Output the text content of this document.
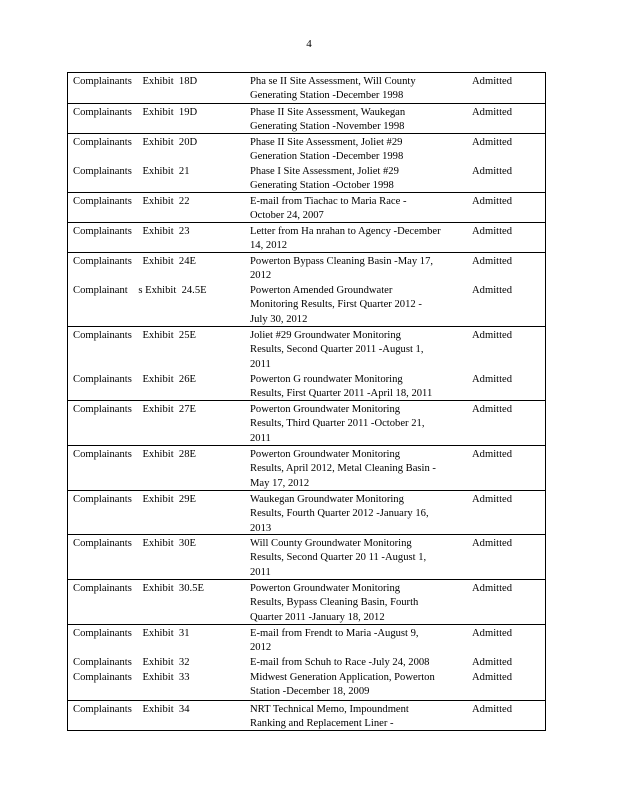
4
Complainants    Exhibit  18D	Pha se II Site Assessment, Will County
Generating Station -December 1998
Admitted
Complainants    Exhibit  19D	Phase II Site Assessment, Waukegan
Generating Station -November 1998
Admitted
Complainants    Exhibit  20D	Phase II Site Assessment, Joliet #29
Generation Station -December 1998
Admitted
Complainants    Exhibit  21	Phase I Site Assessment, Joliet #29
Generating Station -October 1998
Admitted
Complainants    Exhibit  22	E-mail from Tiachac to Maria Race -
October 24, 2007
Admitted
Complainants    Exhibit  23	Letter from Ha nrahan to Agency -December
14, 2012
Admitted
Complainants    Exhibit  24E	Powerton Bypass Cleaning Basin -May 17,
2012
Admitted
Complainant    s Exhibit  24.5E	Powerton Amended Groundwater
Monitoring Results, First Quarter 2012 -
July 30, 2012
Admitted
Complainants    Exhibit  25E	Joliet #29 Groundwater Monitoring
Results, Second Quarter 2011 -August 1,
2011
Admitted
Complainants    Exhibit  26E	Powerton G roundwater Monitoring
Results, First Quarter 2011 -April 18, 2011
Admitted
Complainants    Exhibit  27E	Powerton Groundwater Monitoring
Results, Third Quarter 2011 -October 21,
2011
Admitted
Complainants    Exhibit  28E	Powerton Groundwater Monitoring
Results, April 2012, Metal Cleaning Basin -
May 17, 2012
Admitted
Complainants    Exhibit  29E	Waukegan Groundwater Monitoring
Results, Fourth Quarter 2012 -January 16,
2013
Admitted
Complainants    Exhibit  30E	Will County Groundwater Monitoring
Results, Second Quarter 20 11 -August 1,
2011
Admitted
Complainants    Exhibit  30.5E	Powerton Groundwater Monitoring
Results, Bypass Cleaning Basin, Fourth
Quarter 2011 -January 18, 2012
Admitted
Complainants    Exhibit  31	E-mail from Frendt to Maria -August 9,
2012
Admitted
Complainants    Exhibit  32	E-mail from Schuh to Race -July 24, 2008	Admitted
Complainants    Exhibit  33	Midwest Generation Application, Powerton
Station -December 18, 2009
Admitted
Complainants    Exhibit  34	NRT Technical Memo, Impoundment
Ranking and Replacement Liner -
Admitted
